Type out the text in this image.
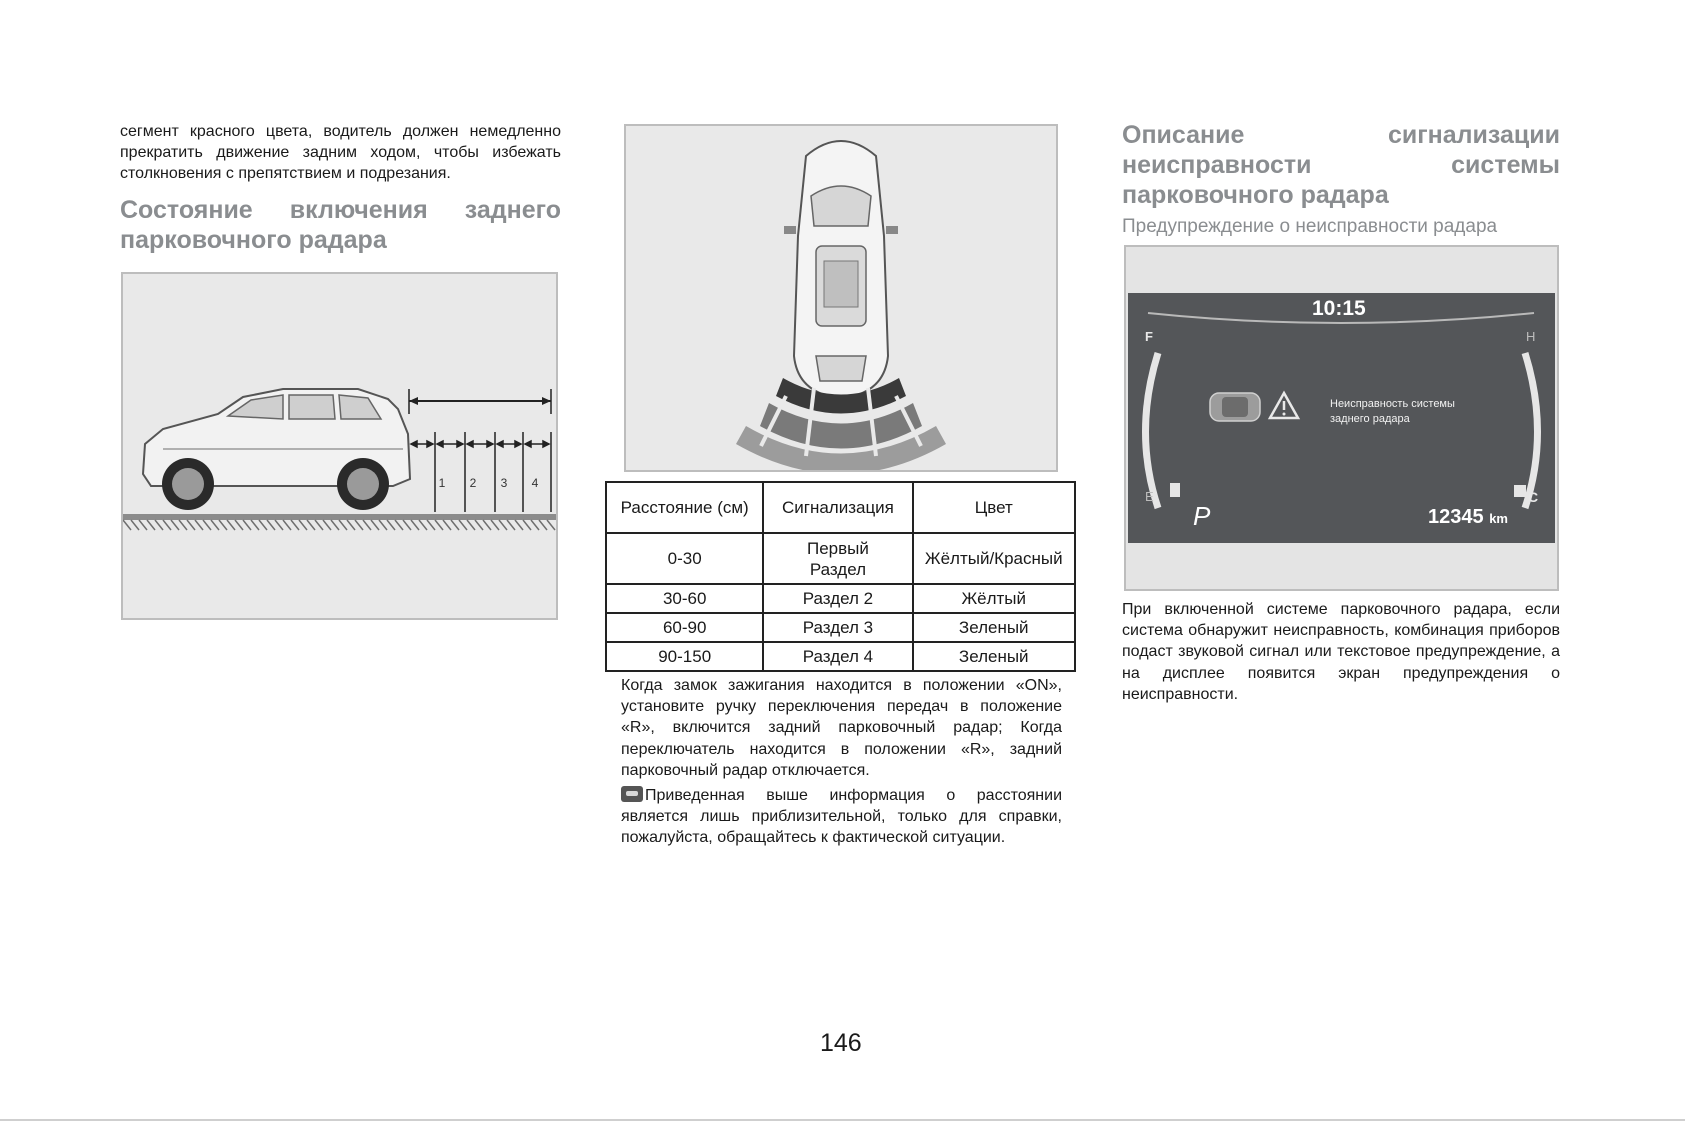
сегмент красного цвета, водитель должен немедленно прекратить движение задним ходом, чтобы избежать столкновения с препятствием и подрезания.

Состояние включения заднего парковочного радара

1 2 3 4
Расстояние (см)	Сигнализация	Цвет
0-30	Первый Раздел	Жёлтый/Красный
30-60	Раздел 2	Жёлтый
60-90	Раздел 3	Зеленый
90-150	Раздел 4	Зеленый

Когда замок зажигания находится в положении «ON», установите ручку переключения передач в положение «R», включится задний парковочный радар; Когда переключатель находится в положении «R», задний парковочный радар отключается.

Приведенная выше информация о расстоянии является лишь приблизительной, только для справки, пожалуйста, обращайтесь к фактической ситуации.

Описание сигнализации неисправности системы парковочного радара

Предупреждение о неисправности радара

10:15
F
E
H
C
Неисправность системы
заднего радара
P	12345 km

При включенной системе парковочного радара, если система обнаружит неисправность, комбинация приборов подаст звуковой сигнал или текстовое предупреждение, а на дисплее появится экран предупреждения о неисправности.

146
